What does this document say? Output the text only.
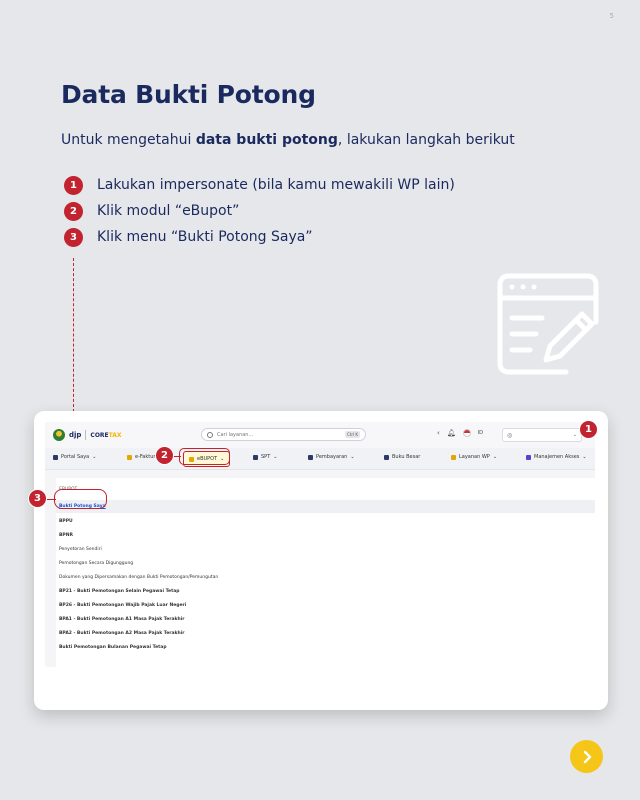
5
Data Bukti Potong

Untuk mengetahui data bukti potong, lakukan langkah berikut

1	Lakukan impersonate (bila kamu mewakili WP lain)
2	Klik modul “eBupot”
3	Klik menu “Bukti Potong Saya”
djp CORETAX
Cari layanan...	Ctrl K	‹ 🔔︎	ID	◎	⌄
Portal Saya ⌄	e-Faktur	eBUPOT ⌄	SPT ⌄	Pembayaran ⌄	Buku Besar	Layanan WP ⌄	Manajemen Akses ⌄
EBUPOT
Bukti Potong Saya
BPPU
BPNR
Penyetoran Sendiri
Pemotongan Secara Digunggung
Dokumen yang Dipersamakan dengan Bukti Pemotongan/Pemungutan
BP21 - Bukti Pemotongan Selain Pegawai Tetap
BP26 - Bukti Pemotongan Wajib Pajak Luar Negeri
BPA1 - Bukti Pemotongan A1 Masa Pajak Terakhir
BPA2 - Bukti Pemotongan A2 Masa Pajak Terakhir
Bukti Pemotongan Bulanan Pegawai Tetap
1
2
3
